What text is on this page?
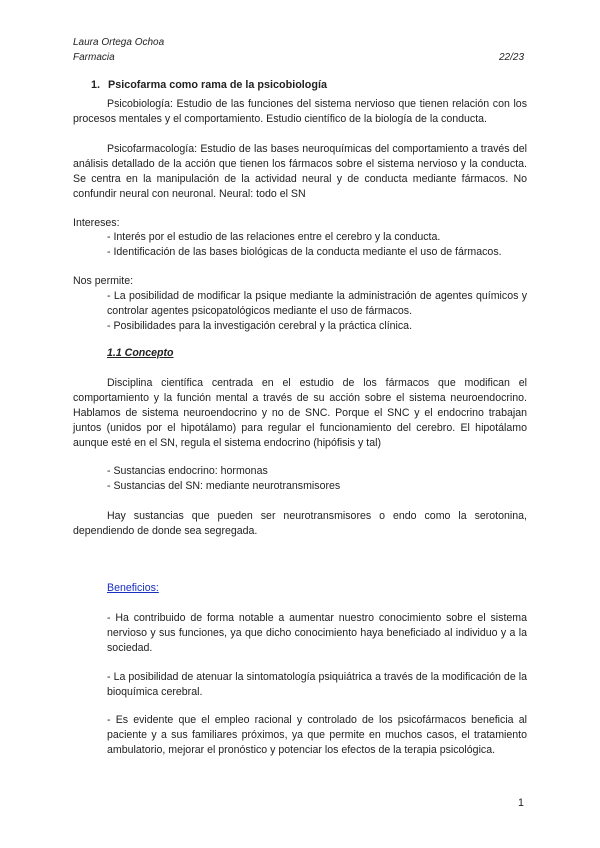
Laura Ortega Ochoa
Farmacia	22/23
1. Psicofarma como rama de la psicobiología

Psicobiología: Estudio de las funciones del sistema nervioso que tienen relación con los procesos mentales y el comportamiento. Estudio científico de la biología de la conducta.

Psicofarmacología: Estudio de las bases neuroquímicas del comportamiento a través del análisis detallado de la acción que tienen los fármacos sobre el sistema nervioso y la conducta. Se centra en la manipulación de la actividad neural y de conducta mediante fármacos. No confundir neural con neuronal. Neural: todo el SN

Intereses:
- Interés por el estudio de las relaciones entre el cerebro y la conducta.
- Identificación de las bases biológicas de la conducta mediante el uso de fármacos.
Nos permite:

- La posibilidad de modificar la psique mediante la administración de agentes químicos y controlar agentes psicopatológicos mediante el uso de fármacos.

- Posibilidades para la investigación cerebral y la práctica clínica.
1.1 Concepto

Disciplina científica centrada en el estudio de los fármacos que modifican el comportamiento y la función mental a través de su acción sobre el sistema neuroendocrino. Hablamos de sistema neuroendocrino y no de SNC. Porque el SNC y el endocrino trabajan juntos (unidos por el hipotálamo) para regular el funcionamiento del cerebro. El hipotálamo aunque esté en el SN, regula el sistema endocrino (hipófisis y tal)

- Sustancias endocrino: hormonas
- Sustancias del SN: mediante neurotransmisores

Hay sustancias que pueden ser neurotransmisores o endo como la serotonina, dependiendo de donde sea segregada.

Beneficios:

- Ha contribuido de forma notable a aumentar nuestro conocimiento sobre el sistema nervioso y sus funciones, ya que dicho conocimiento haya beneficiado al individuo y a la sociedad.

- La posibilidad de atenuar la sintomatología psiquiátrica a través de la modificación de la bioquímica cerebral.

- Es evidente que el empleo racional y controlado de los psicofármacos beneficia al paciente y a sus familiares próximos, ya que permite en muchos casos, el tratamiento ambulatorio, mejorar el pronóstico y potenciar los efectos de la terapia psicológica.

1
